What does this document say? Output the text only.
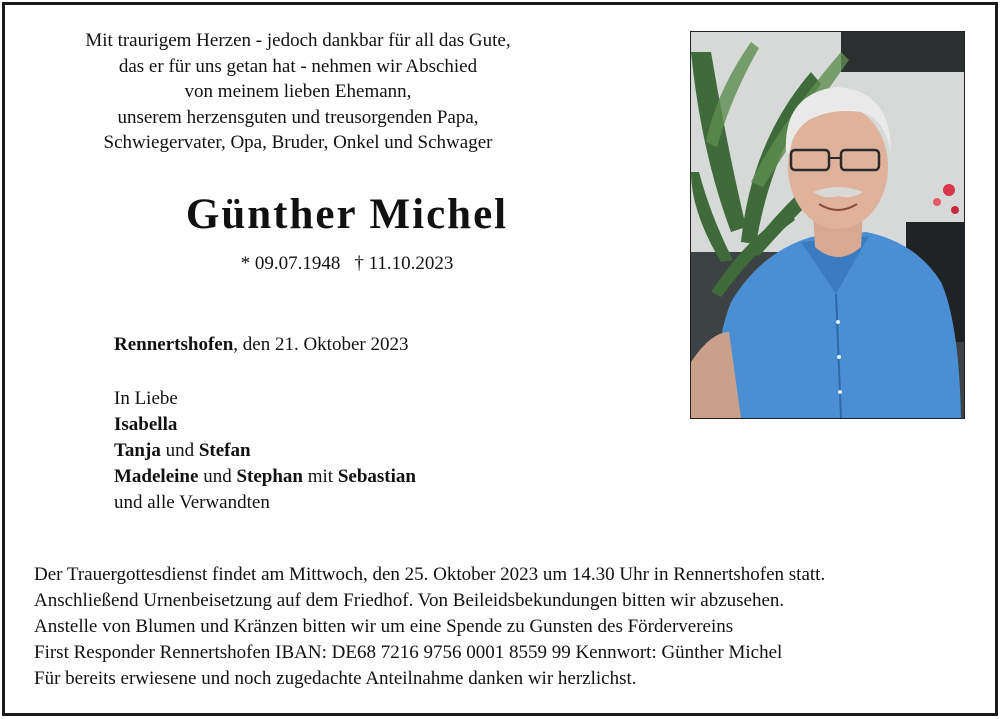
Mit traurigem Herzen - jedoch dankbar für all das Gute,
das er für uns getan hat - nehmen wir Abschied
von meinem lieben Ehemann,
unserem herzensguten und treusorgenden Papa,
Schwiegervater, Opa, Bruder, Onkel und Schwager
Günther Michel
* 09.07.1948 † 11.10.2023
Rennertshofen, den 21. Oktober 2023
In Liebe
Isabella
Tanja und Stefan
Madeleine und Stephan mit Sebastian
und alle Verwandten
Der Trauergottesdienst findet am Mittwoch, den 25. Oktober 2023 um 14.30 Uhr in Rennertshofen statt.
Anschließend Urnenbeisetzung auf dem Friedhof. Von Beileidsbekundungen bitten wir abzusehen.
Anstelle von Blumen und Kränzen bitten wir um eine Spende zu Gunsten des Fördervereins
First Responder Rennertshofen IBAN: DE68 7216 9756 0001 8559 99 Kennwort: Günther Michel
Für bereits erwiesene und noch zugedachte Anteilnahme danken wir herzlichst.
